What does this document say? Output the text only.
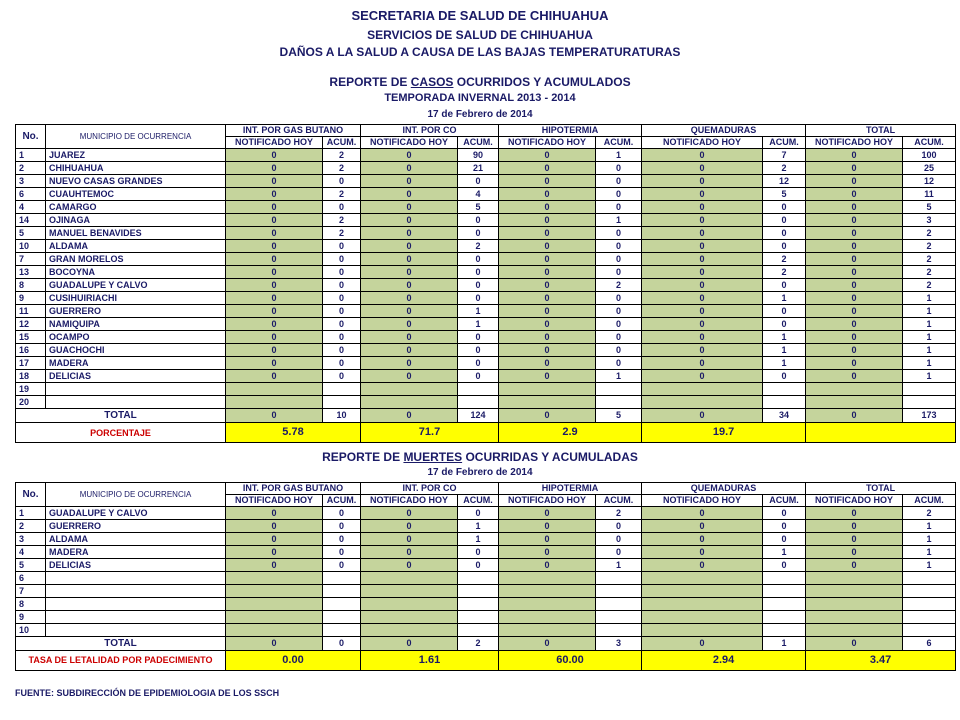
SECRETARIA DE SALUD DE CHIHUAHUA
SERVICIOS DE SALUD DE CHIHUAHUA
DAÑOS A LA SALUD A CAUSA DE LAS BAJAS TEMPERATURATURAS
REPORTE DE CASOS OCURRIDOS Y ACUMULADOS
TEMPORADA INVERNAL 2013 - 2014
17 de Febrero de 2014
No.	MUNICIPIO DE OCURRENCIA	INT. POR GAS BUTANO		INT. POR CO		HIPOTERMIA		QUEMADURAS		TOTAL	
		NOTIFICADO HOY	ACUM.	NOTIFICADO HOY	ACUM.	NOTIFICADO HOY	ACUM.	NOTIFICADO HOY	ACUM.	NOTIFICADO HOY	ACUM.
1	JUAREZ	0	2	0	90	0	1	0	7	0	100
2	CHIHUAHUA	0	2	0	21	0	0	0	2	0	25
3	NUEVO CASAS GRANDES	0	0	0	0	0	0	0	12	0	12
6	CUAUHTEMOC	0	2	0	4	0	0	0	5	0	11
4	CAMARGO	0	0	0	5	0	0	0	0	0	5
14	OJINAGA	0	2	0	0	0	1	0	0	0	3
5	MANUEL BENAVIDES	0	2	0	0	0	0	0	0	0	2
10	ALDAMA	0	0	0	2	0	0	0	0	0	2
7	GRAN MORELOS	0	0	0	0	0	0	0	2	0	2
13	BOCOYNA	0	0	0	0	0	0	0	2	0	2
8	GUADALUPE Y CALVO	0	0	0	0	0	2	0	0	0	2
9	CUSIHUIRIACHI	0	0	0	0	0	0	0	1	0	1
11	GUERRERO	0	0	0	1	0	0	0	0	0	1
12	NAMIQUIPA	0	0	0	1	0	0	0	0	0	1
15	OCAMPO	0	0	0	0	0	0	0	1	0	1
16	GUACHOCHI	0	0	0	0	0	0	0	1	0	1
17	MADERA	0	0	0	0	0	0	0	1	0	1
18	DELICIAS	0	0	0	0	0	1	0	0	0	1
19											
20											
TOTAL		0	10	0	124	0	5	0	34	0	173
PORCENTAJE		5.78		71.7		2.9		19.7			
REPORTE DE MUERTES OCURRIDAS Y ACUMULADAS
17 de Febrero de 2014
No.	MUNICIPIO DE OCURRENCIA	INT. POR GAS BUTANO		INT. POR CO		HIPOTERMIA		QUEMADURAS		TOTAL	
		NOTIFICADO HOY	ACUM.	NOTIFICADO HOY	ACUM.	NOTIFICADO HOY	ACUM.	NOTIFICADO HOY	ACUM.	NOTIFICADO HOY	ACUM.
1	GUADALUPE Y CALVO	0	0	0	0	0	2	0	0	0	2
2	GUERRERO	0	0	0	1	0	0	0	0	0	1
3	ALDAMA	0	0	0	1	0	0	0	0	0	1
4	MADERA	0	0	0	0	0	0	0	1	0	1
5	DELICIAS	0	0	0	0	0	1	0	0	0	1
6											
7											
8											
9											
10											
TOTAL		0	0	0	2	0	3	0	1	0	6
TASA DE LETALIDAD POR PADECIMIENTO		0.00		1.61		60.00		2.94		3.47	
FUENTE: SUBDIRECCIÓN DE EPIDEMIOLOGIA DE LOS SSCH
